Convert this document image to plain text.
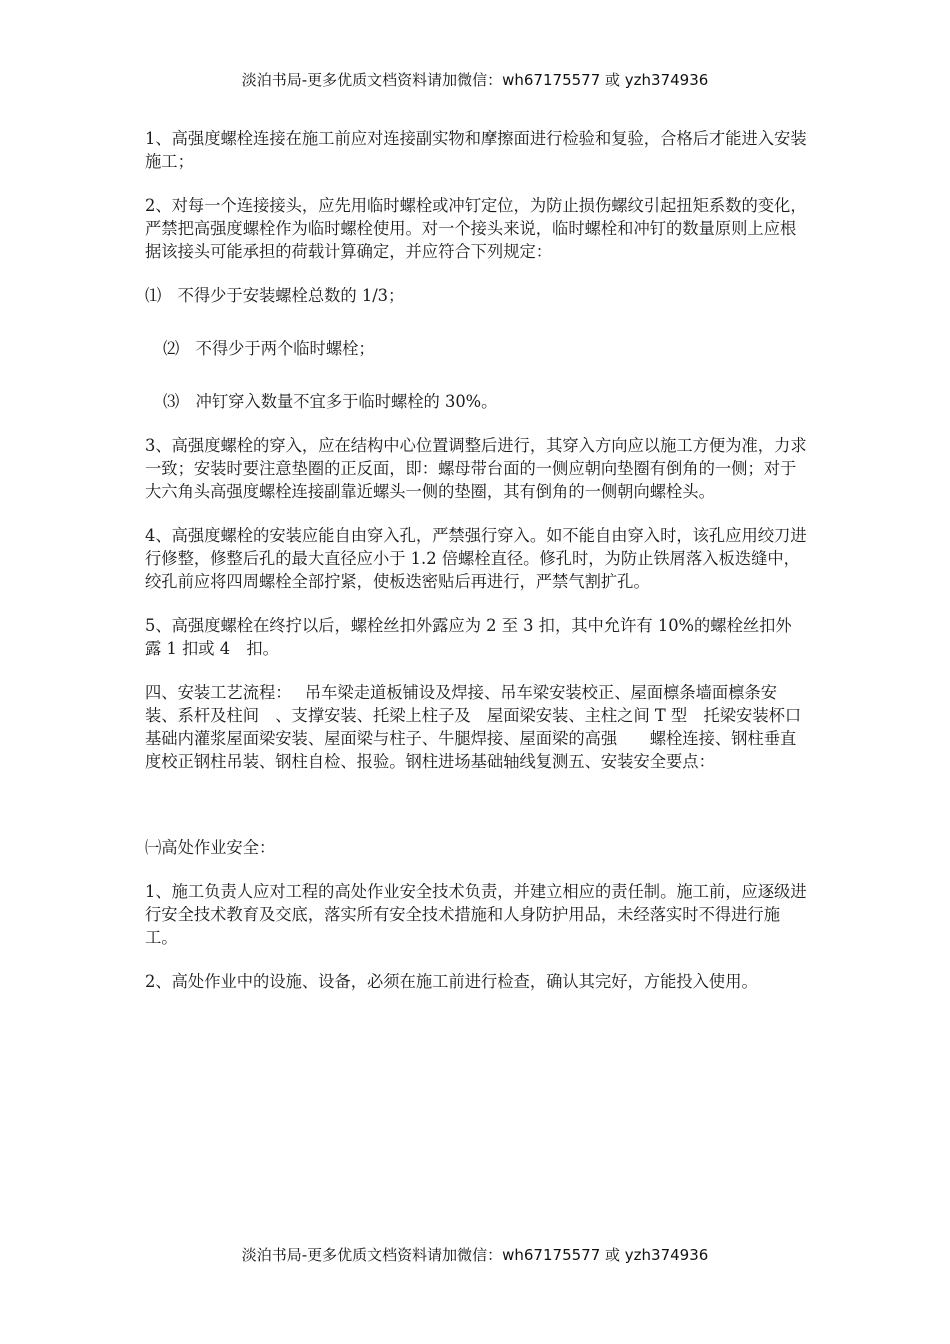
淡泊书局-更多优质文档资料请加微信：wh67175577 或 yzh374936

1、高强度螺栓连接在施工前应对连接副实物和摩擦面进行检验和复验，合格后才能进入安装施工；

2、对每一个连接接头，应先用临时螺栓或冲钉定位，为防止损伤螺纹引起扭矩系数的变化，严禁把高强度螺栓作为临时螺栓使用。对一个接头来说，临时螺栓和冲钉的数量原则上应根据该接头可能承担的荷载计算确定，并应符合下列规定：

⑴　不得少于安装螺栓总数的 1/3；

⑵　不得少于两个临时螺栓；

⑶　冲钉穿入数量不宜多于临时螺栓的 30%。

3、高强度螺栓的穿入，应在结构中心位置调整后进行，其穿入方向应以施工方便为准，力求一致；安装时要注意垫圈的正反面，即：螺母带台面的一侧应朝向垫圈有倒角的一侧；对于大六角头高强度螺栓连接副靠近螺头一侧的垫圈，其有倒角的一侧朝向螺栓头。

4、高强度螺栓的安装应能自由穿入孔，严禁强行穿入。如不能自由穿入时，该孔应用绞刀进行修整，修整后孔的最大直径应小于 1.2 倍螺栓直径。修孔时，为防止铁屑落入板迭缝中，绞孔前应将四周螺栓全部拧紧，使板迭密贴后再进行，严禁气割扩孔。

5、高强度螺栓在终拧以后，螺栓丝扣外露应为 2 至 3 扣，其中允许有 10%的螺栓丝扣外露 1 扣或 4　扣。

四、安装工艺流程：　 吊车梁走道板铺设及焊接、吊车梁安装校正、屋面檩条墙面檩条安装、系杆及柱间　、支撑安装、托梁上柱子及　屋面梁安装、主柱之间 T 型　托梁安装杯口基础内灌浆屋面梁安装、屋面梁与柱子、牛腿焊接、屋面梁的高强　　螺栓连接、钢柱垂直度校正钢柱吊装、钢柱自检、报验。钢柱进场基础轴线复测五、安装安全要点：

㈠高处作业安全：

1、施工负责人应对工程的高处作业安全技术负责，并建立相应的责任制。施工前，应逐级进行安全技术教育及交底，落实所有安全技术措施和人身防护用品，未经落实时不得进行施工。

2、高处作业中的设施、设备，必须在施工前进行检查，确认其完好，方能投入使用。

淡泊书局-更多优质文档资料请加微信：wh67175577 或 yzh374936
